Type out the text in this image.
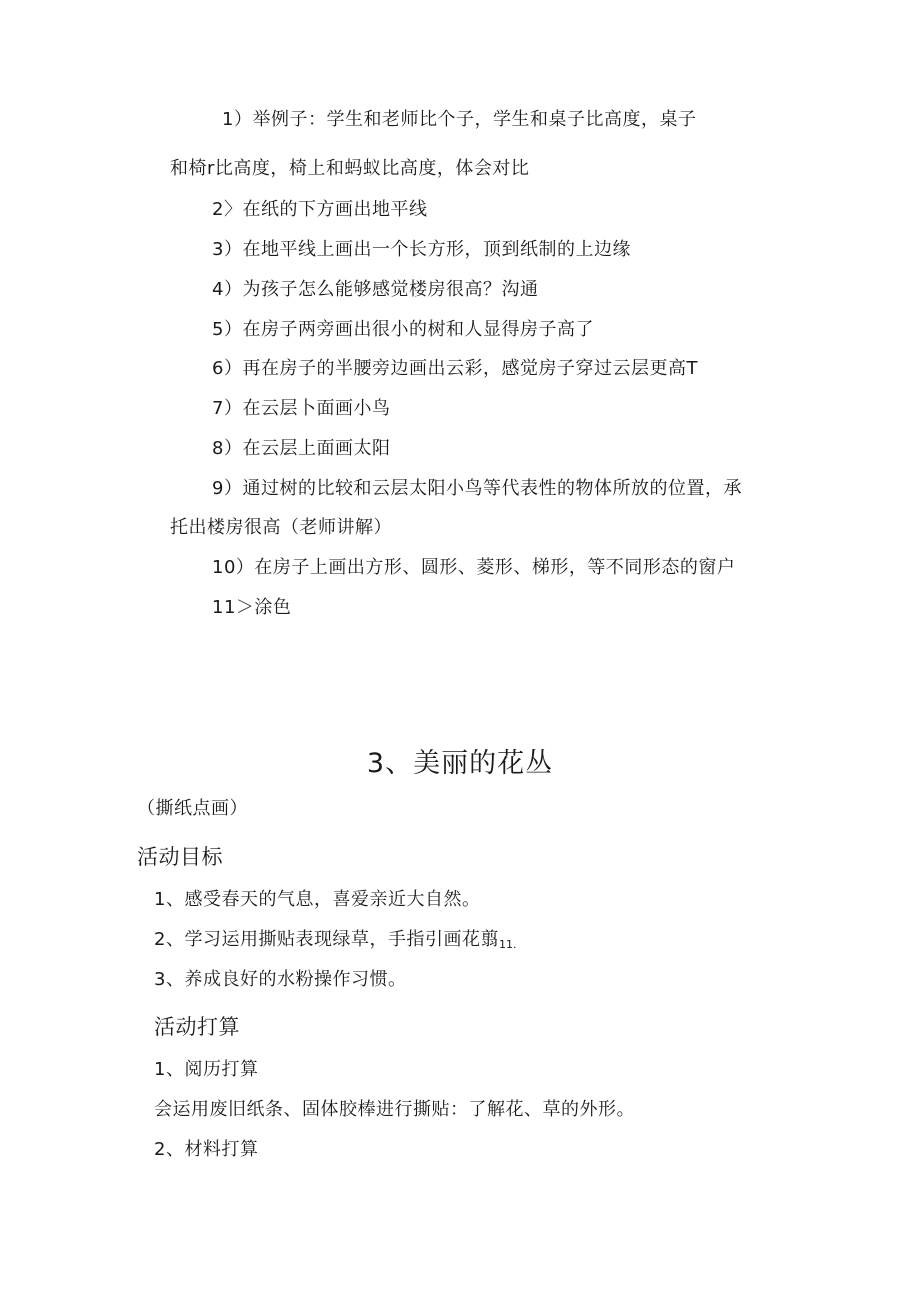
1）举例子：学生和老师比个子，学生和桌子比高度，桌子
和椅r比高度，椅上和蚂蚁比高度，体会对比
2〉在纸的下方画出地平线
3）在地平线上画出一个长方形，顶到纸制的上边缘
4）为孩子怎么能够感觉楼房很高？沟通
5）在房子两旁画出很小的树和人显得房子高了
6）再在房子的半腰旁边画出云彩，感觉房子穿过云层更高T
7）在云层卜面画小鸟
8）在云层上面画太阳
9）通过树的比较和云层太阳小鸟等代表性的物体所放的位置，承
托出楼房很高（老师讲解）
10）在房子上画出方形、圆形、菱形、梯形，等不同形态的窗户
11＞涂色
3、美丽的花丛
（撕纸点画）
活动目标
1、感受春天的气息，喜爱亲近大自然。
2、学习运用撕贴表现绿草，手指引画花翦$_{11.}$
3、养成良好的水粉操作习惯。
活动打算
1、阅历打算
会运用废旧纸条、固体胶棒进行撕贴：了解花、草的外形。
2、材料打算
